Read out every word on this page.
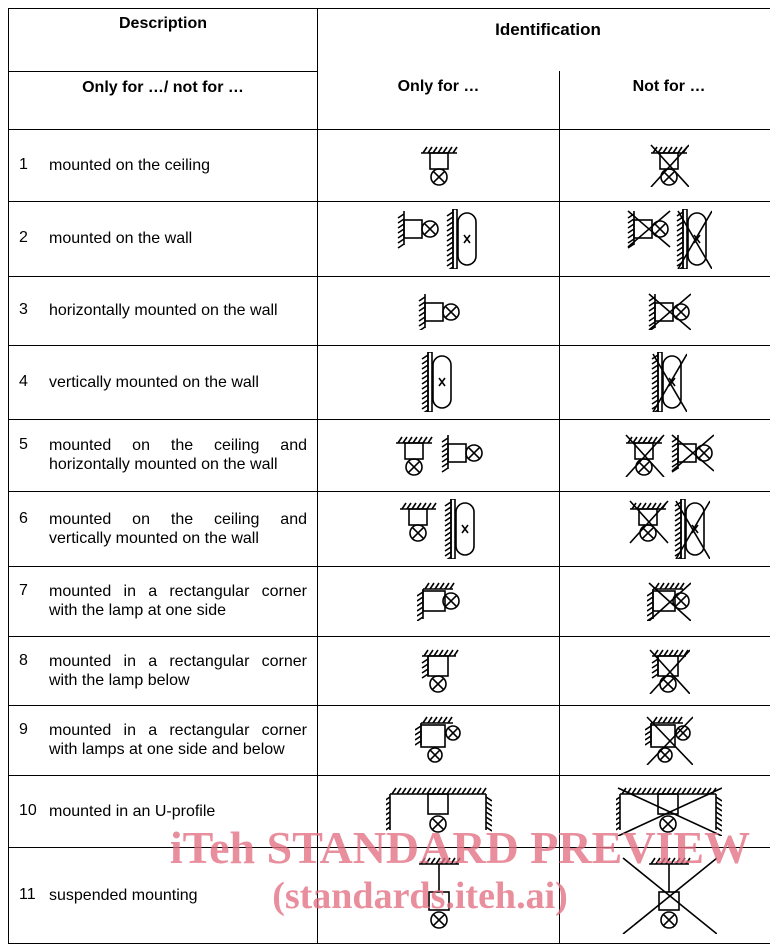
Description	Identification	
Only for …/ not for …	Only for …	Not for …
1 mounted on the ceiling		
2 mounted on the wall		
3 horizontally mounted on the wall		
4 vertically mounted on the wall		
5 mounted on the ceiling and horizontally mounted on the wall		
6 mounted on the ceiling and vertically mounted on the wall		
7 mounted in a rectangular corner with the lamp at one side		
8 mounted in a rectangular corner with the lamp below		
9 mounted in a rectangular corner with lamps at one side and below		
10 mounted in an U-profile		
11 suspended mounting		
iTeh STANDARD PREVIEW
(standards.iteh.ai)
